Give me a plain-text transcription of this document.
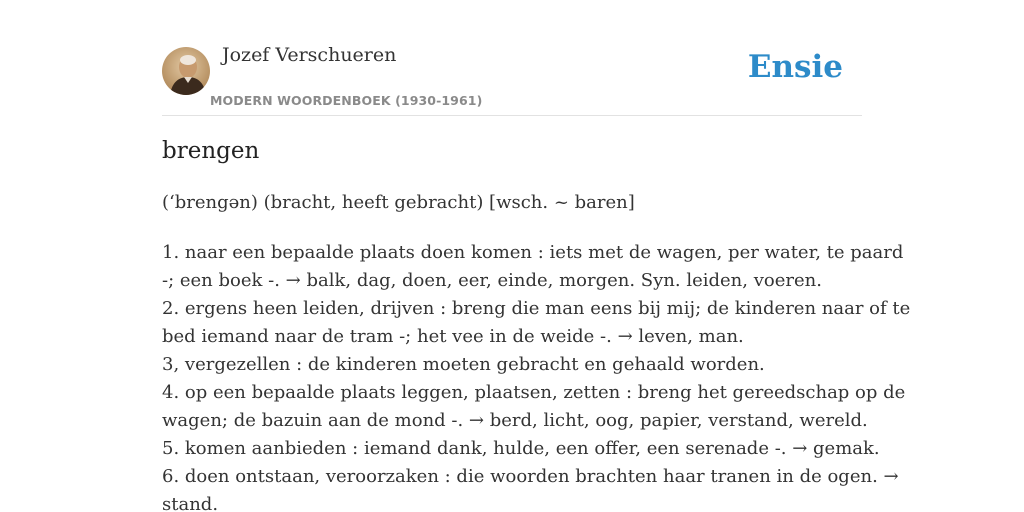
Jozef Verschueren
MODERN WOORDENBOEK (1930-1961)
Ensie
brengen
(‘brengən) (bracht, heeft gebracht) [wsch. ~ baren]
1. naar een bepaalde plaats doen komen : iets met de wagen, per water, te paard
-; een boek -. → balk, dag, doen, eer, einde, morgen. Syn. leiden, voeren.
2. ergens heen leiden, drijven : breng die man eens bij mij; de kinderen naar of te
bed iemand naar de tram -; het vee in de weide -. → leven, man.
3, vergezellen : de kinderen moeten gebracht en gehaald worden.
4. op een bepaalde plaats leggen, plaatsen, zetten : breng het gereedschap op de
wagen; de bazuin aan de mond -. → berd, licht, oog, papier, verstand, wereld.
5. komen aanbieden : iemand dank, hulde, een offer, een serenade -. → gemak.
6. doen ontstaan, veroorzaken : die woorden brachten haar tranen in de ogen. →
stand.
